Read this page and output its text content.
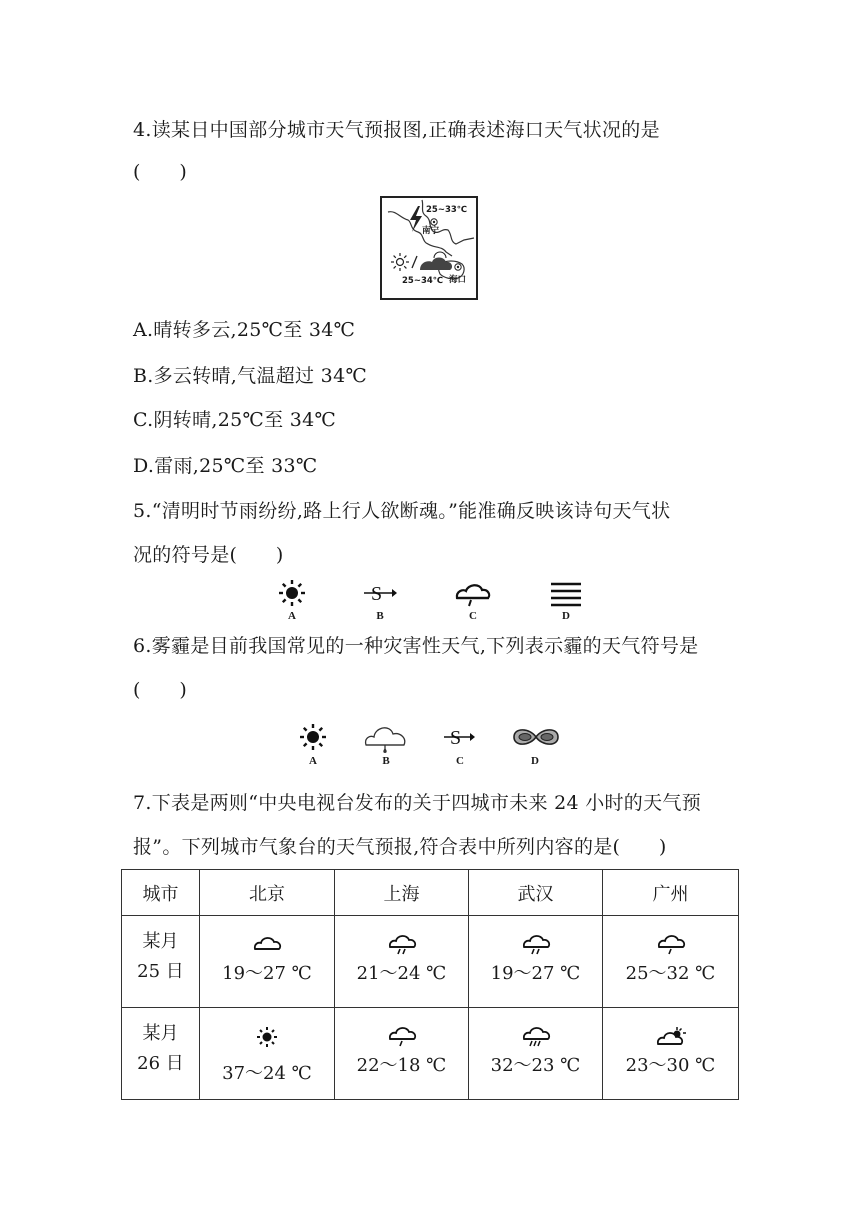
4.读某日中国部分城市天气预报图,正确表述海口天气状况的是
(　　)
25~33℃
南宁
25~34℃ 海口
A.晴转多云,25℃至 34℃
B.多云转晴,气温超过 34℃
C.阴转晴,25℃至 34℃
D.雷雨,25℃至 33℃
5.“清明时节雨纷纷,路上行人欲断魂。”能准确反映该诗句天气状
况的符号是(　　)
A
S
B	C	D
6.雾霾是目前我国常见的一种灾害性天气,下列表示霾的天气符号是
(　　)
A	B
S
C	D
7.下表是两则“中央电视台发布的关于四城市未来 24 小时的天气预
报”。下列城市气象台的天气预报,符合表中所列内容的是(　　)
城市	北京	上海	武汉	广州

某月
25 日	19～27 ℃	21～24 ℃	19～27 ℃	25～32 ℃

某月
26 日	37～24 ℃	22～18 ℃	32～23 ℃	23～30 ℃
